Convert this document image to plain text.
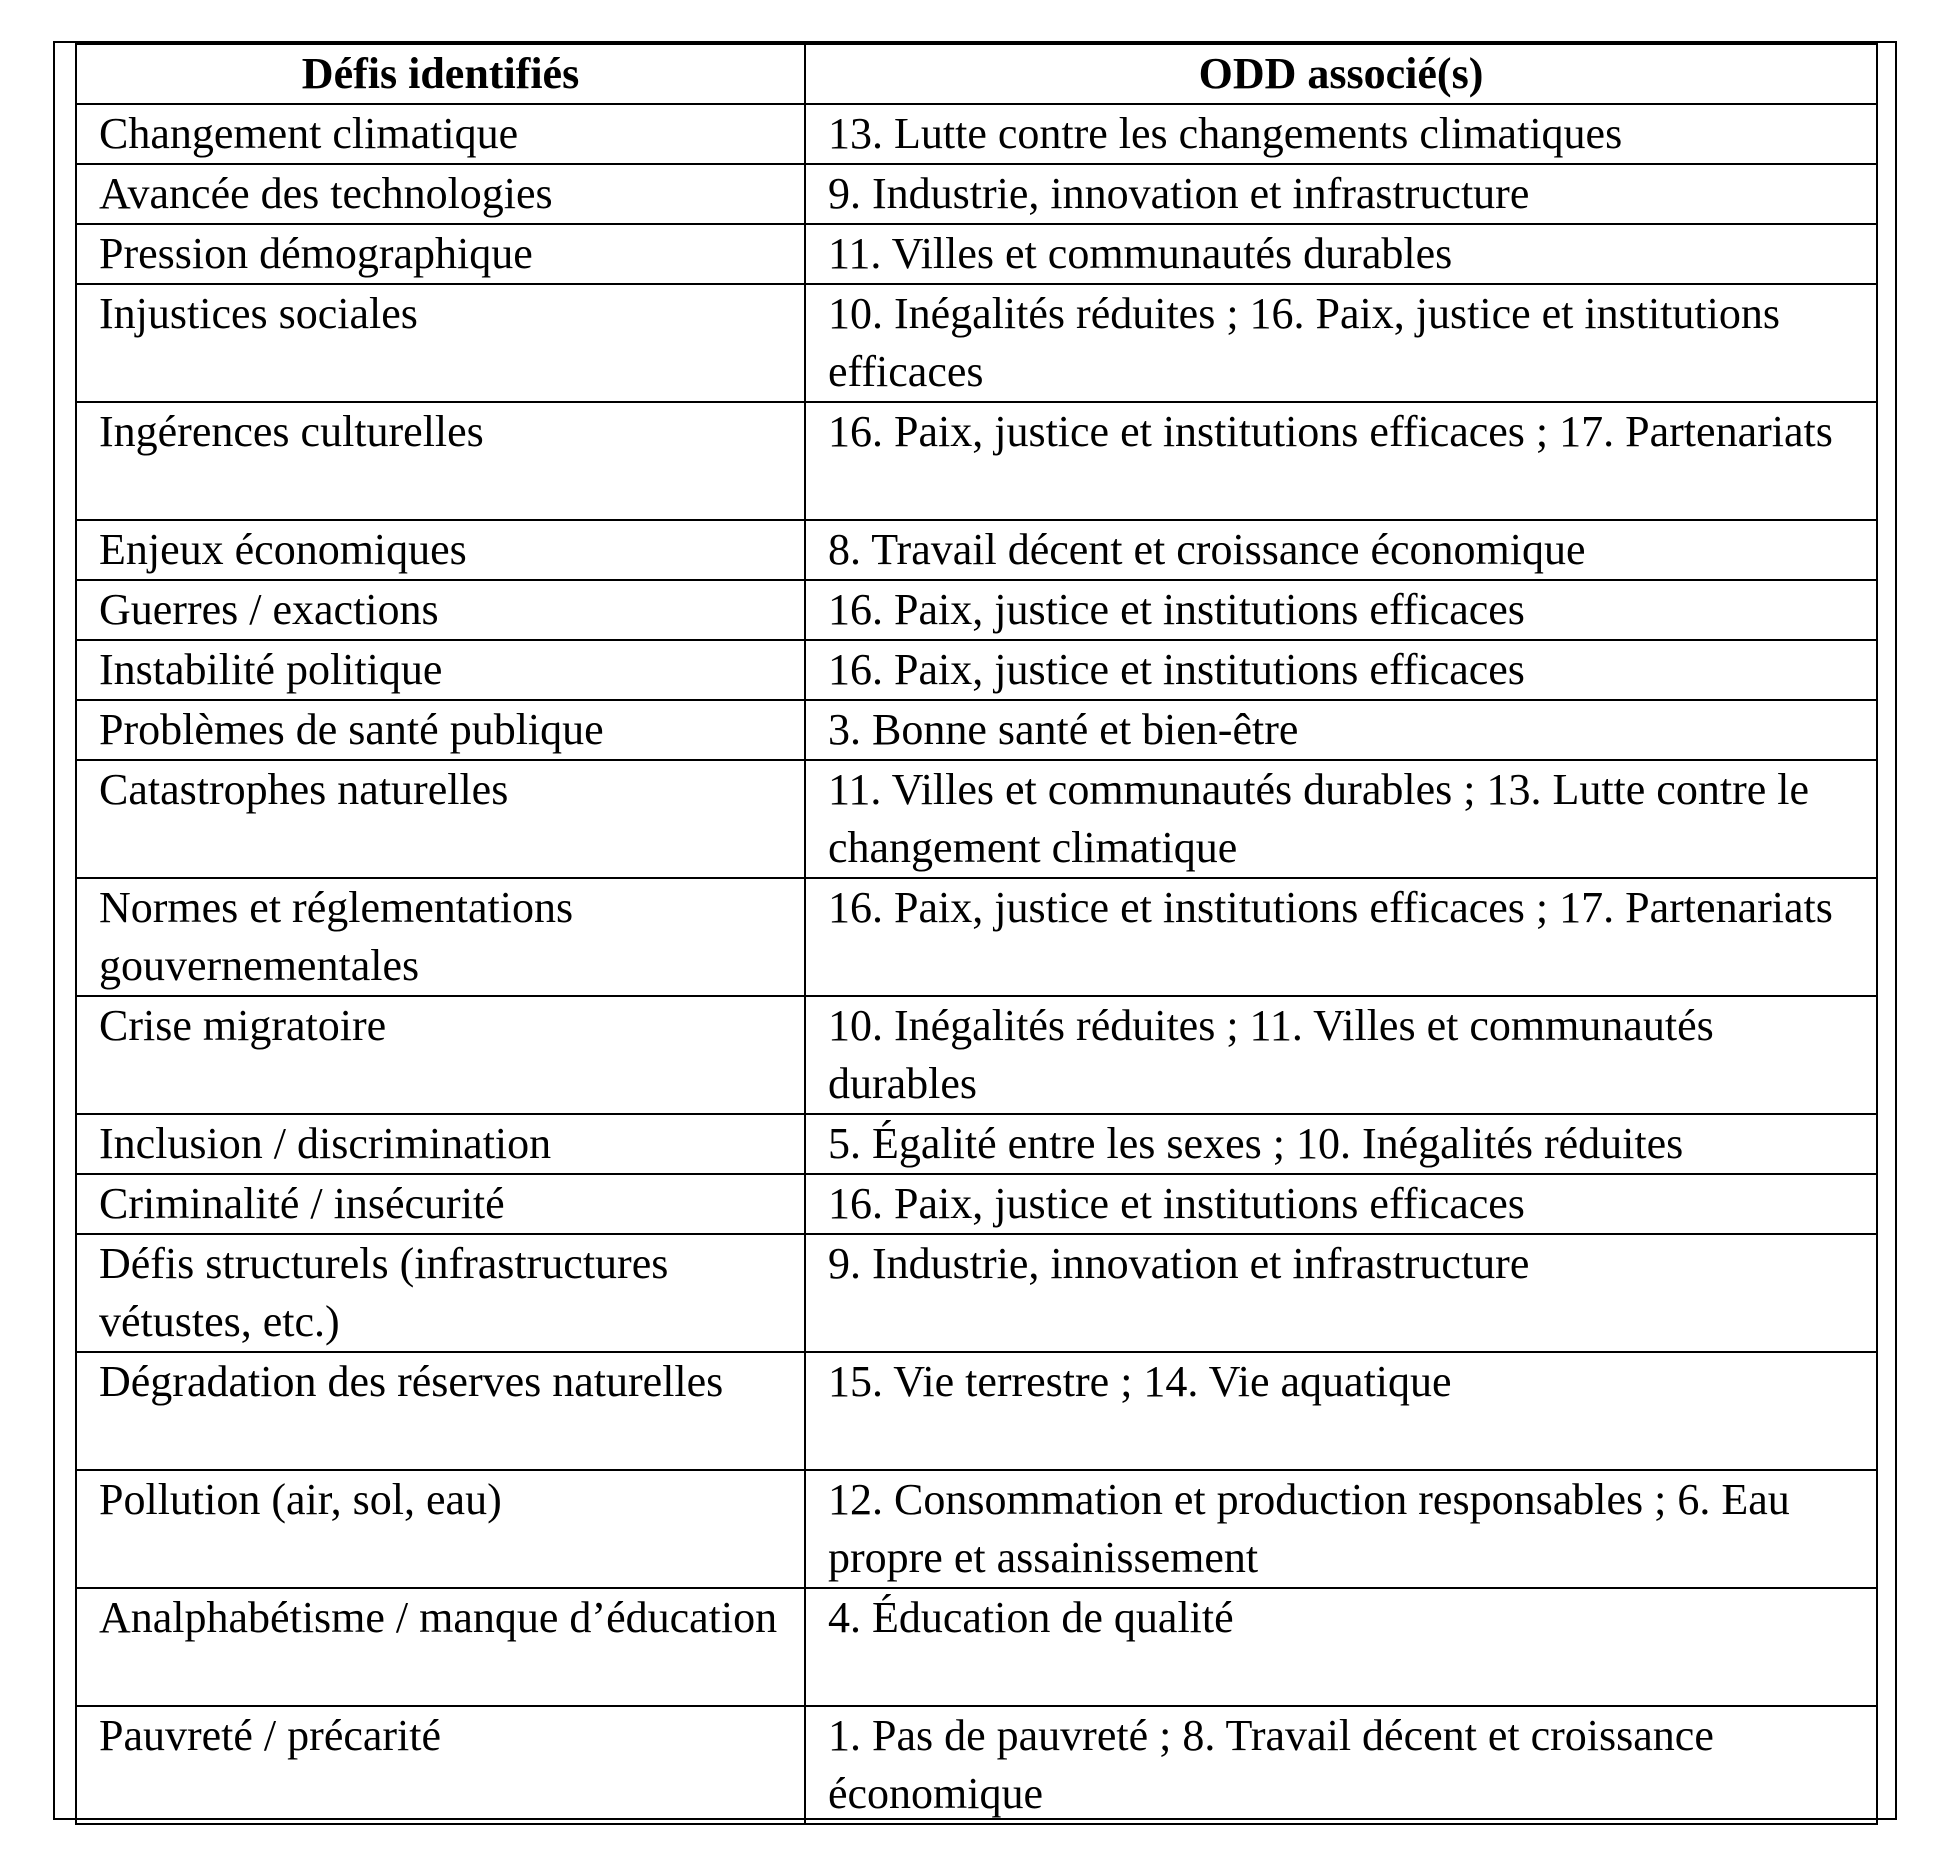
Défis identifiés	ODD associé(s)
Changement climatique	13. Lutte contre les changements climatiques
Avancée des technologies	9. Industrie, innovation et infrastructure
Pression démographique	11. Villes et communautés durables
Injustices sociales	10. Inégalités réduites ; 16. Paix, justice et institutions efficaces
Ingérences culturelles	16. Paix, justice et institutions efficaces ; 17. Partenariats
Enjeux économiques	8. Travail décent et croissance économique
Guerres / exactions	16. Paix, justice et institutions efficaces
Instabilité politique	16. Paix, justice et institutions efficaces
Problèmes de santé publique	3. Bonne santé et bien-être
Catastrophes naturelles	11. Villes et communautés durables ; 13. Lutte contre le changement climatique
Normes et réglementations gouvernementales	16. Paix, justice et institutions efficaces ; 17. Partenariats
Crise migratoire	10. Inégalités réduites ; 11. Villes et communautés durables
Inclusion / discrimination	5. Égalité entre les sexes ; 10. Inégalités réduites
Criminalité / insécurité	16. Paix, justice et institutions efficaces
Défis structurels (infrastructures vétustes, etc.)	9. Industrie, innovation et infrastructure
Dégradation des réserves naturelles	15. Vie terrestre ; 14. Vie aquatique
Pollution (air, sol, eau)	12. Consommation et production responsables ; 6. Eau propre et assainissement
Analphabétisme / manque d’éducation	4. Éducation de qualité
Pauvreté / précarité	1. Pas de pauvreté ; 8. Travail décent et croissance économique
